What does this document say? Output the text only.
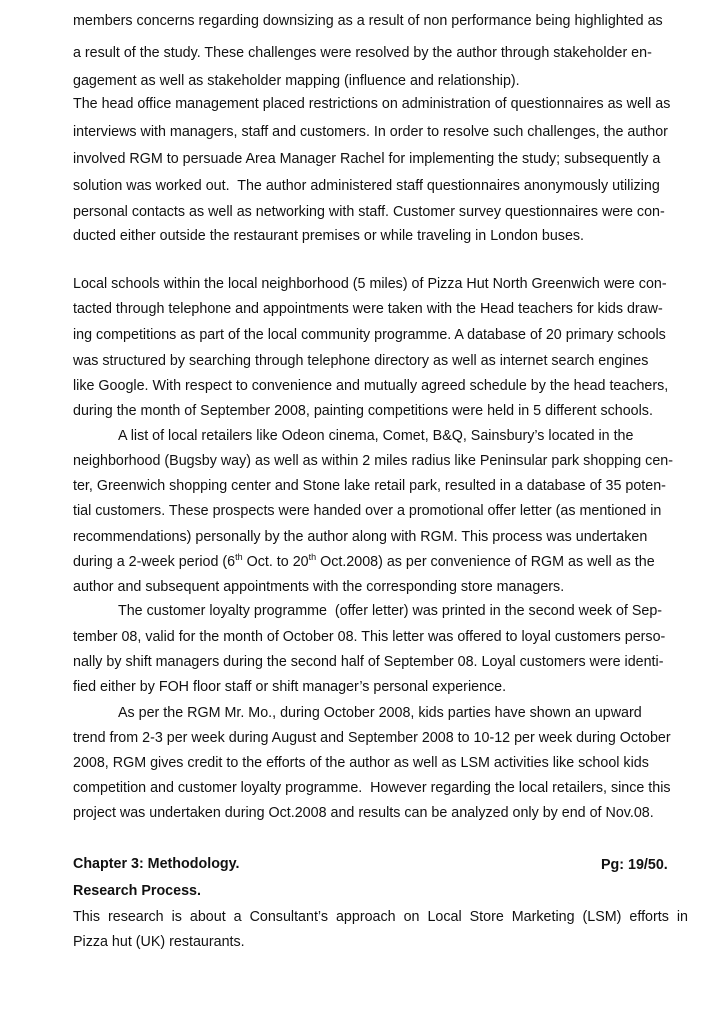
members concerns regarding downsizing as a result of non performance being highlighted as
a result of the study. These challenges were resolved by the author through stakeholder en-
gagement as well as stakeholder mapping (influence and relationship).
The head office management placed restrictions on administration of questionnaires as well as
interviews with managers, staff and customers. In order to resolve such challenges, the author
involved RGM to persuade Area Manager Rachel for implementing the study; subsequently a
solution was worked out.  The author administered staff questionnaires anonymously utilizing
personal contacts as well as networking with staff. Customer survey questionnaires were con-
ducted either outside the restaurant premises or while traveling in London buses.
Local schools within the local neighborhood (5 miles) of Pizza Hut North Greenwich were con-
tacted through telephone and appointments were taken with the Head teachers for kids draw-
ing competitions as part of the local community programme. A database of 20 primary schools
was structured by searching through telephone directory as well as internet search engines
like Google. With respect to convenience and mutually agreed schedule by the head teachers,
during the month of September 2008, painting competitions were held in 5 different schools.
A list of local retailers like Odeon cinema, Comet, B&Q, Sainsbury’s located in the
neighborhood (Bugsby way) as well as within 2 miles radius like Peninsular park shopping cen-
ter, Greenwich shopping center and Stone lake retail park, resulted in a database of 35 poten-
tial customers. These prospects were handed over a promotional offer letter (as mentioned in
recommendations) personally by the author along with RGM. This process was undertaken
during a 2-week period (6th Oct. to 20th Oct.2008) as per convenience of RGM as well as the
author and subsequent appointments with the corresponding store managers.
The customer loyalty programme  (offer letter) was printed in the second week of Sep-
tember 08, valid for the month of October 08. This letter was offered to loyal customers perso-
nally by shift managers during the second half of September 08. Loyal customers were identi-
fied either by FOH floor staff or shift manager’s personal experience.
As per the RGM Mr. Mo., during October 2008, kids parties have shown an upward
trend from 2-3 per week during August and September 2008 to 10-12 per week during October
2008, RGM gives credit to the efforts of the author as well as LSM activities like school kids
competition and customer loyalty programme.  However regarding the local retailers, since this
project was undertaken during Oct.2008 and results can be analyzed only by end of Nov.08.
Chapter 3: Methodology.	Pg: 19/50.
Research Process.
This research is about a Consultant’s approach on Local Store Marketing (LSM) efforts in
Pizza hut (UK) restaurants.
